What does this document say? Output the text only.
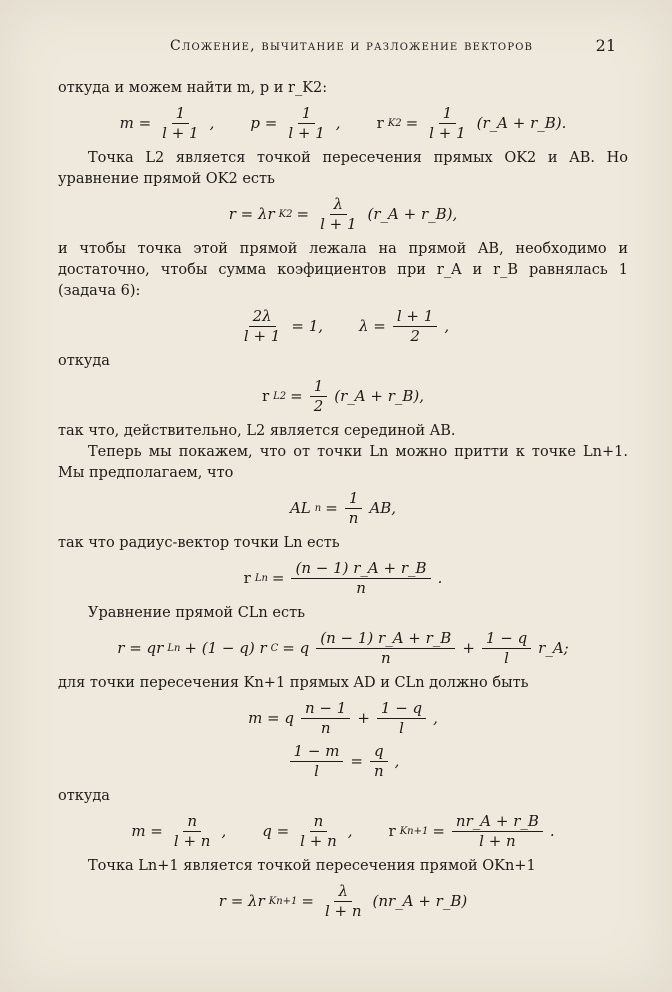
Сложение, вычитание и разложение векторов	21

откуда и можем найти m, p и r_K2:

$m = \frac{1}{l + 1}$ , $p = \frac{1}{l + 1}$ , r $K2 = \frac{1}{l + 1}$ (r_A + r_B).

Точка L2 является точкой пересечения прямых OK2 и AB. Но уравнение прямой OK2 есть

r = λr $K2 = \frac{\lambda}{l + 1}$ (r_A + r_B),

и чтобы точка этой прямой лежала на прямой AB, необходимо и достаточно, чтобы сумма коэфициентов при r_A и r_B равнялась 1 (задача 6):

$\frac{2\lambda}{l + 1} = 1$, $\lambda = \frac{l + 1}{2}$ ,

откуда

r $L2 = \frac{1}{2}$ (r_A + r_B),

так что, действительно, L2 является серединой AB.

Теперь мы покажем, что от точки Ln можно притти к точке Ln+1. Мы предполагаем, что

AL $n = \frac{1}{n}$ AB,

так что радиус-вектор точки Ln есть

r $Ln = \frac{(n - 1) r\_A + r\_B}{n}$ .

Уравнение прямой CLn есть

r = qr Ln + (1 − q) r C = q $\frac{(n - 1) r\_A + r\_B}{n} + \frac{1 - q}{l}$ r_A;

для точки пересечения Kn+1 прямых AD и CLn должно быть

m = q $\frac{n - 1}{n} + \frac{1 - q}{l}$ ,
$\frac{1 - m}{l} = \frac{q}{n}$ ,

откуда

$m = \frac{n}{l + n}$ , $q = \frac{n}{l + n}$ , r $Kn+1 = \frac{nr\_A + r\_B}{l + n}$ .

Точка Ln+1 является точкой пересечения прямой OKn+1

r = λr $Kn+1 = \frac{\lambda}{l + n}$ (nr_A + r_B)
